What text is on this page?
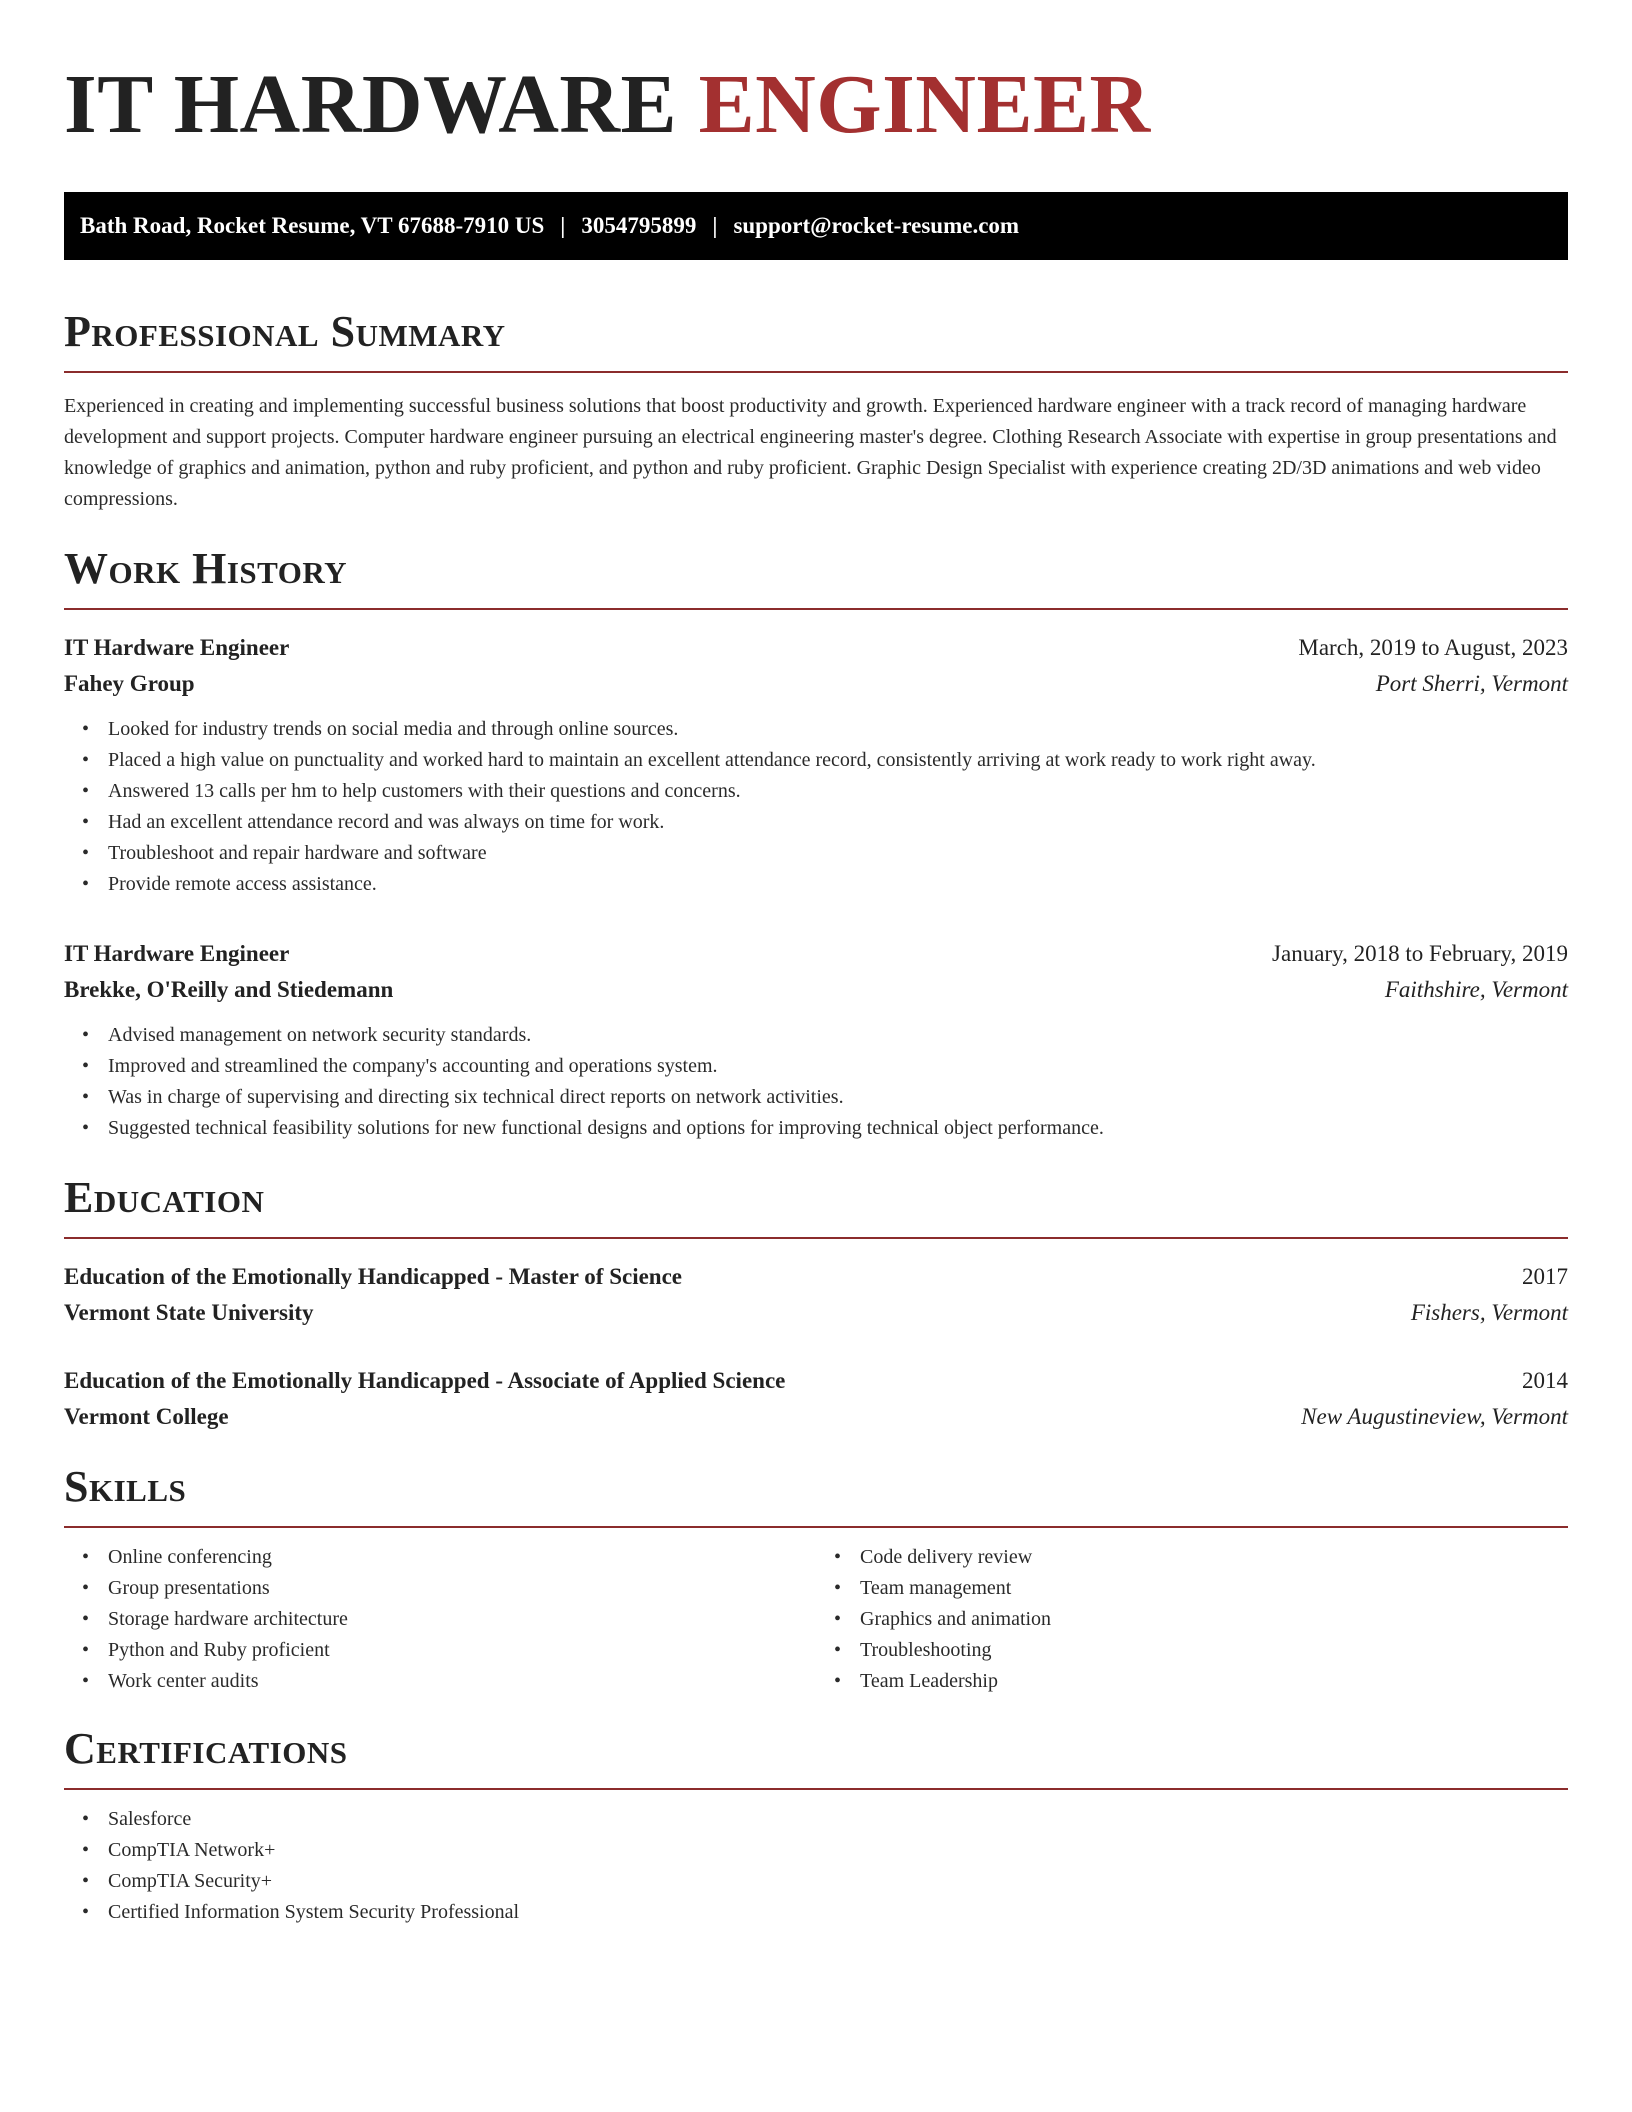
IT HARDWARE ENGINEER
Bath Road, Rocket Resume, VT 67688-7910 US | 3054795899 | support@rocket-resume.com
Professional Summary

Experienced in creating and implementing successful business solutions that boost productivity and growth. Experienced hardware engineer with a track record of managing hardware development and support projects. Computer hardware engineer pursuing an electrical engineering master's degree. Clothing Research Associate with expertise in group presentations and knowledge of graphics and animation, python and ruby proficient, and python and ruby proficient. Graphic Design Specialist with experience creating 2D/3D animations and web video compressions.

Work History
IT Hardware Engineer	March, 2019 to August, 2023
Fahey Group	Port Sherri, Vermont
• Looked for industry trends on social media and through online sources.
• Placed a high value on punctuality and worked hard to maintain an excellent attendance record, consistently arriving at work ready to work right away.
• Answered 13 calls per hm to help customers with their questions and concerns.
• Had an excellent attendance record and was always on time for work.
• Troubleshoot and repair hardware and software
• Provide remote access assistance.
IT Hardware Engineer	January, 2018 to February, 2019
Brekke, O'Reilly and Stiedemann	Faithshire, Vermont
• Advised management on network security standards.
• Improved and streamlined the company's accounting and operations system.
• Was in charge of supervising and directing six technical direct reports on network activities.
• Suggested technical feasibility solutions for new functional designs and options for improving technical object performance.
Education
Education of the Emotionally Handicapped - Master of Science	2017
Vermont State University	Fishers, Vermont
Education of the Emotionally Handicapped - Associate of Applied Science	2014
Vermont College	New Augustineview, Vermont
Skills
• Online conferencing
• Group presentations
• Storage hardware architecture
• Python and Ruby proficient
• Work center audits
• Code delivery review
• Team management
• Graphics and animation
• Troubleshooting
• Team Leadership
Certifications
• Salesforce
• CompTIA Network+
• CompTIA Security+
• Certified Information System Security Professional
